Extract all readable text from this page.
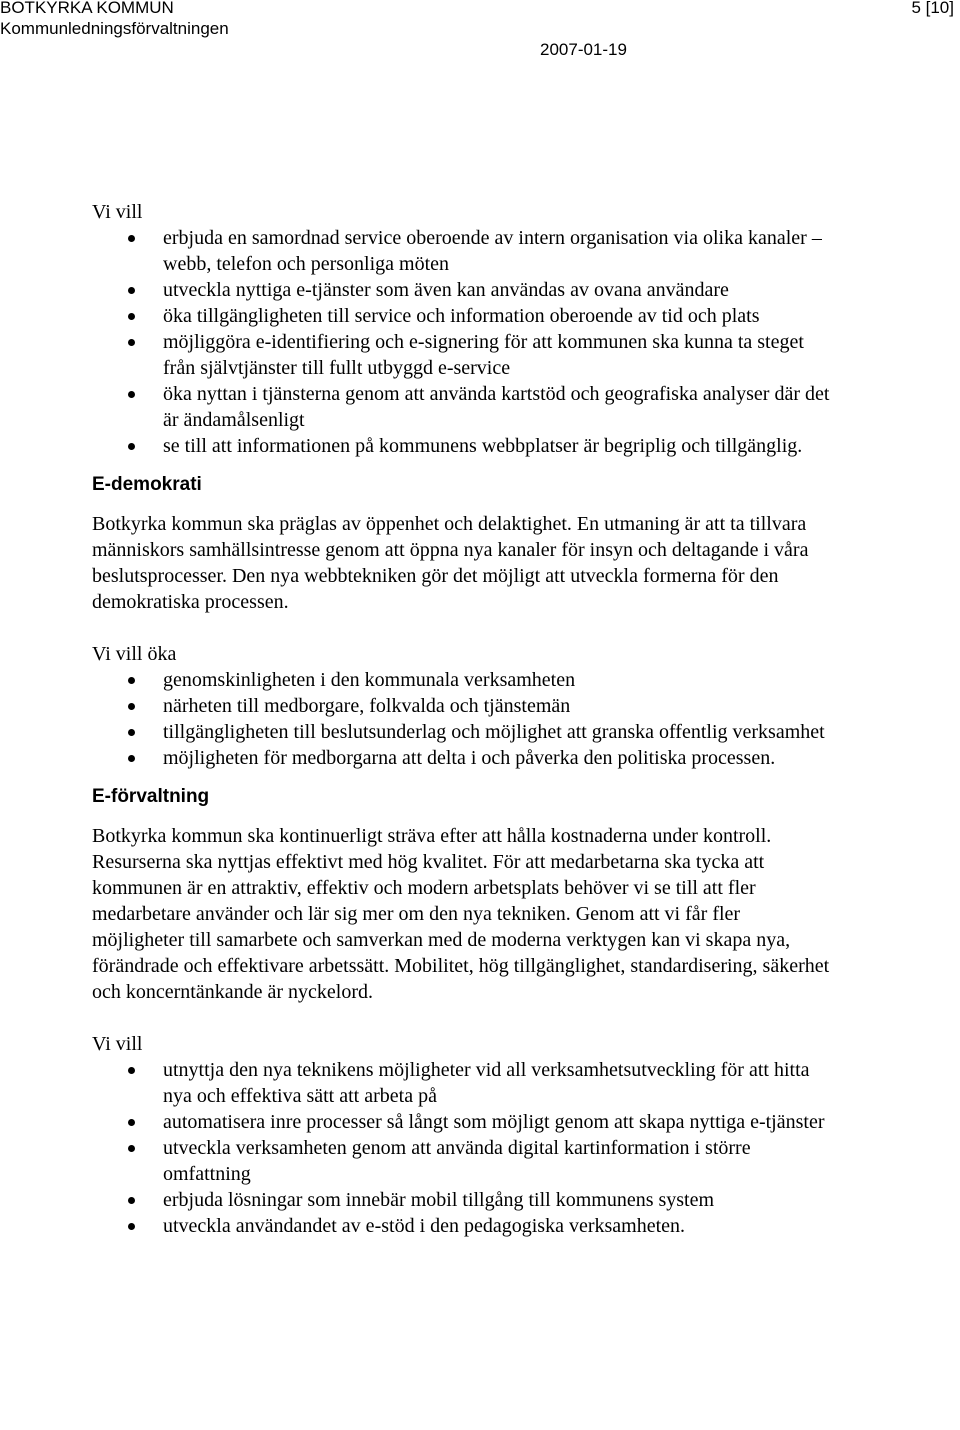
BOTKYRKA KOMMUN
Kommunledningsförvaltningen
2007-01-19
5 [10]

Vi vill

erbjuda en samordnad service oberoende av intern organisation via olika kanaler – webb, telefon och personliga möten
utveckla nyttiga e-tjänster som även kan användas av ovana användare
öka tillgängligheten till service och information oberoende av tid och plats
möjliggöra e-identifiering och e-signering för att kommunen ska kunna ta steget från självtjänster till fullt utbyggd e-service
öka nyttan i tjänsterna genom att använda kartstöd och geografiska analyser där det är ändamålsenligt
se till att informationen på kommunens webbplatser är begriplig och tillgänglig.
E-demokrati

Botkyrka kommun ska präglas av öppenhet och delaktighet. En utmaning är att ta tillvara människors samhällsintresse genom att öppna nya kanaler för insyn och deltagande i våra beslutsprocesser. Den nya webbtekniken gör det möjligt att utveckla formerna för den demokratiska processen.

Vi vill öka

genomskinligheten i den kommunala verksamheten
närheten till medborgare, folkvalda och tjänstemän
tillgängligheten till beslutsunderlag och möjlighet att granska offentlig verksamhet
möjligheten för medborgarna att delta i och påverka den politiska processen.
E-förvaltning

Botkyrka kommun ska kontinuerligt sträva efter att hålla kostnaderna under kontroll. Resurserna ska nyttjas effektivt med hög kvalitet. För att medarbetarna ska tycka att kommunen är en attraktiv, effektiv och modern arbetsplats behöver vi se till att fler medarbetare använder och lär sig mer om den nya tekniken. Genom att vi får fler möjligheter till samarbete och samverkan med de moderna verktygen kan vi skapa nya, förändrade och effektivare arbetssätt. Mobilitet, hög tillgänglighet, standardisering, säkerhet och koncerntänkande är nyckelord.

Vi vill

utnyttja den nya teknikens möjligheter vid all verksamhetsutveckling för att hitta nya och effektiva sätt att arbeta på
automatisera inre processer så långt som möjligt genom att skapa nyttiga e-tjänster
utveckla verksamheten genom att använda digital kartinformation i större omfattning
erbjuda lösningar som innebär mobil tillgång till kommunens system
utveckla användandet av e-stöd i den pedagogiska verksamheten.
